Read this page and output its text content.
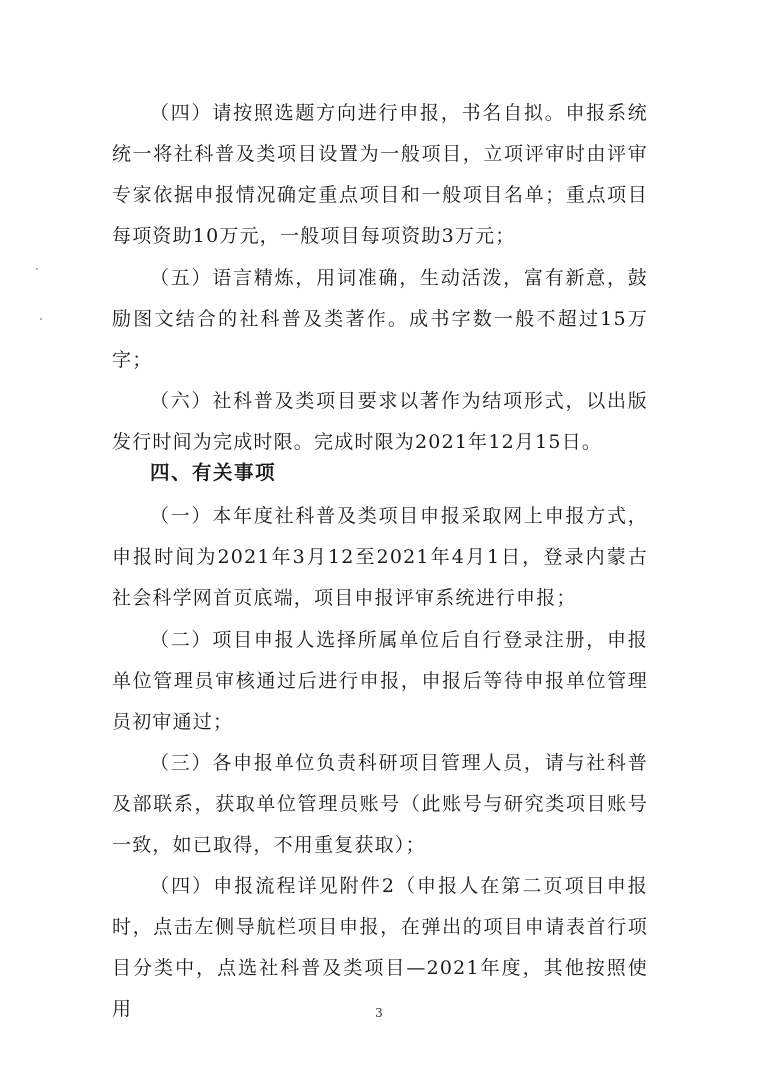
（四）请按照选题方向进行申报，书名自拟。申报系统统一将社科普及类项目设置为一般项目，立项评审时由评审专家依据申报情况确定重点项目和一般项目名单；重点项目每项资助10万元，一般项目每项资助3万元；

（五）语言精炼，用词准确，生动活泼，富有新意，鼓励图文结合的社科普及类著作。成书字数一般不超过15万字；

（六）社科普及类项目要求以著作为结项形式，以出版发行时间为完成时限。完成时限为2021年12月15日。

四、有关事项

（一）本年度社科普及类项目申报采取网上申报方式，申报时间为2021年3月12至2021年4月1日，登录内蒙古社会科学网首页底端，项目申报评审系统进行申报；

（二）项目申报人选择所属单位后自行登录注册，申报单位管理员审核通过后进行申报，申报后等待申报单位管理员初审通过；

（三）各申报单位负责科研项目管理人员，请与社科普及部联系，获取单位管理员账号（此账号与研究类项目账号一致，如已取得，不用重复获取）；

（四）申报流程详见附件2（申报人在第二页项目申报时，点击左侧导航栏项目申报，在弹出的项目申请表首行项目分类中，点选社科普及类项目—2021年度，其他按照使用	3
